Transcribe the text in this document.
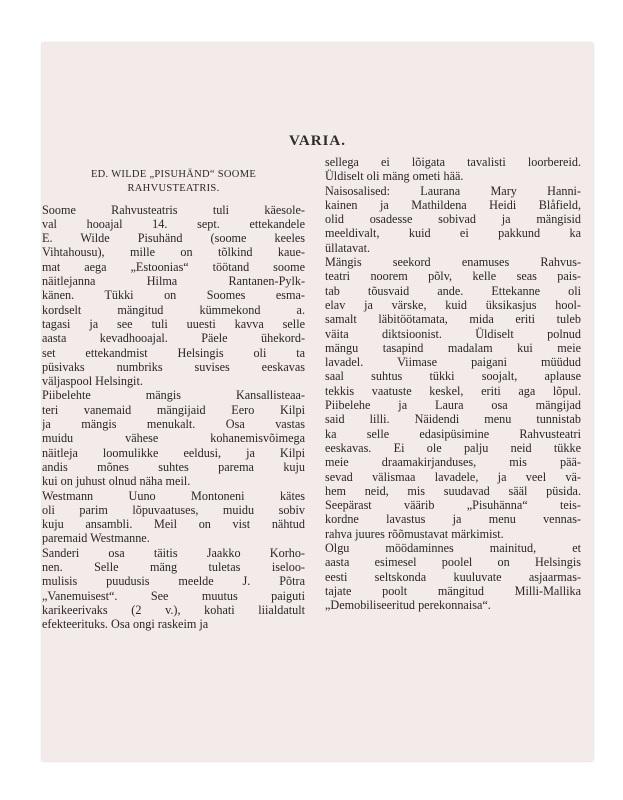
VARIA.
ED. WILDE „PISUHÄND“ SOOME
RAHVUSTEATRIS.
Soome Rahvusteatris tuli käesole-
val hooajal 14. sept. ettekandele
E. Wilde Pisuhänd (soome keeles
Vihtahousu), mille on tõlkind kaue-
mat aega „Estoonias“ töötand soome
näitlejanna Hilma Rantanen-Pylk-
känen. Tükki on Soomes esma-
kordselt mängitud kümmekond a.
tagasi ja see tuli uuesti kavva selle
aasta kevadhooajal. Päele ühekord-
set ettekandmist Helsingis oli ta
püsivaks numbriks suvises eeskavas
väljaspool Helsingit.
Piibelehte mängis Kansallisteaa-
teri vanemaid mängijaid Eero Kilpi
ja mängis menukalt. Osa vastas
muidu vähese kohanemisvõimega
näitleja loomulikke eeldusi, ja Kilpi
andis mõnes suhtes parema kuju
kui on juhust olnud näha meil.
Westmann Uuno Montoneni kätes
oli parim lõpuvaatuses, muidu sobiv
kuju ansambli. Meil on vist nähtud
paremaid Westmanne.
Sanderi osa täitis Jaakko Korho-
nen. Selle mäng tuletas iseloo-
mulisis puudusis meelde J. Põtra
„Vanemuisest“. See muutus paiguti
karikeerivaks (2 v.), kohati liialdatult
efekteerituks. Osa ongi raskeim ja
sellega ei lõigata tavalisti loorbereid.
Üldiselt oli mäng ometi hää.
Naisosalised: Laurana Mary Hanni-
kainen ja Mathildena Heidi Blåfield,
olid osadesse sobivad ja mängisid
meeldivalt, kuid ei pakkund ka
üllatavat.
Mängis seekord enamuses Rahvus-
teatri noorem põlv, kelle seas pais-
tab tõusvaid ande. Ettekanne oli
elav ja värske, kuid üksikasjus hool-
samalt läbitöötamata, mida eriti tuleb
väita diktsioonist. Üldiselt polnud
mängu tasapind madalam kui meie
lavadel. Viimase paigani müüdud
saal suhtus tükki soojalt, aplause
tekkis vaatuste keskel, eriti aga lõpul.
Piibelehe ja Laura osa mängijad
said lilli. Näidendi menu tunnistab
ka selle edasipüsimine Rahvusteatri
eeskavas. Ei ole palju neid tükke
meie draamakirjanduses, mis pää-
sevad välismaa lavadele, ja veel vä-
hem neid, mis suudavad sääl püsida.
Seepärast väärib „Pisuhänna“ teis-
kordne lavastus ja menu vennas-
rahva juures rõõmustavat märkimist.
Olgu möödaminnes mainitud, et
aasta esimesel poolel on Helsingis
eesti seltskonda kuuluvate asjaarmas-
tajate poolt mängitud Milli-Mallika
„Demobiliseeritud perekonnaisa“.
